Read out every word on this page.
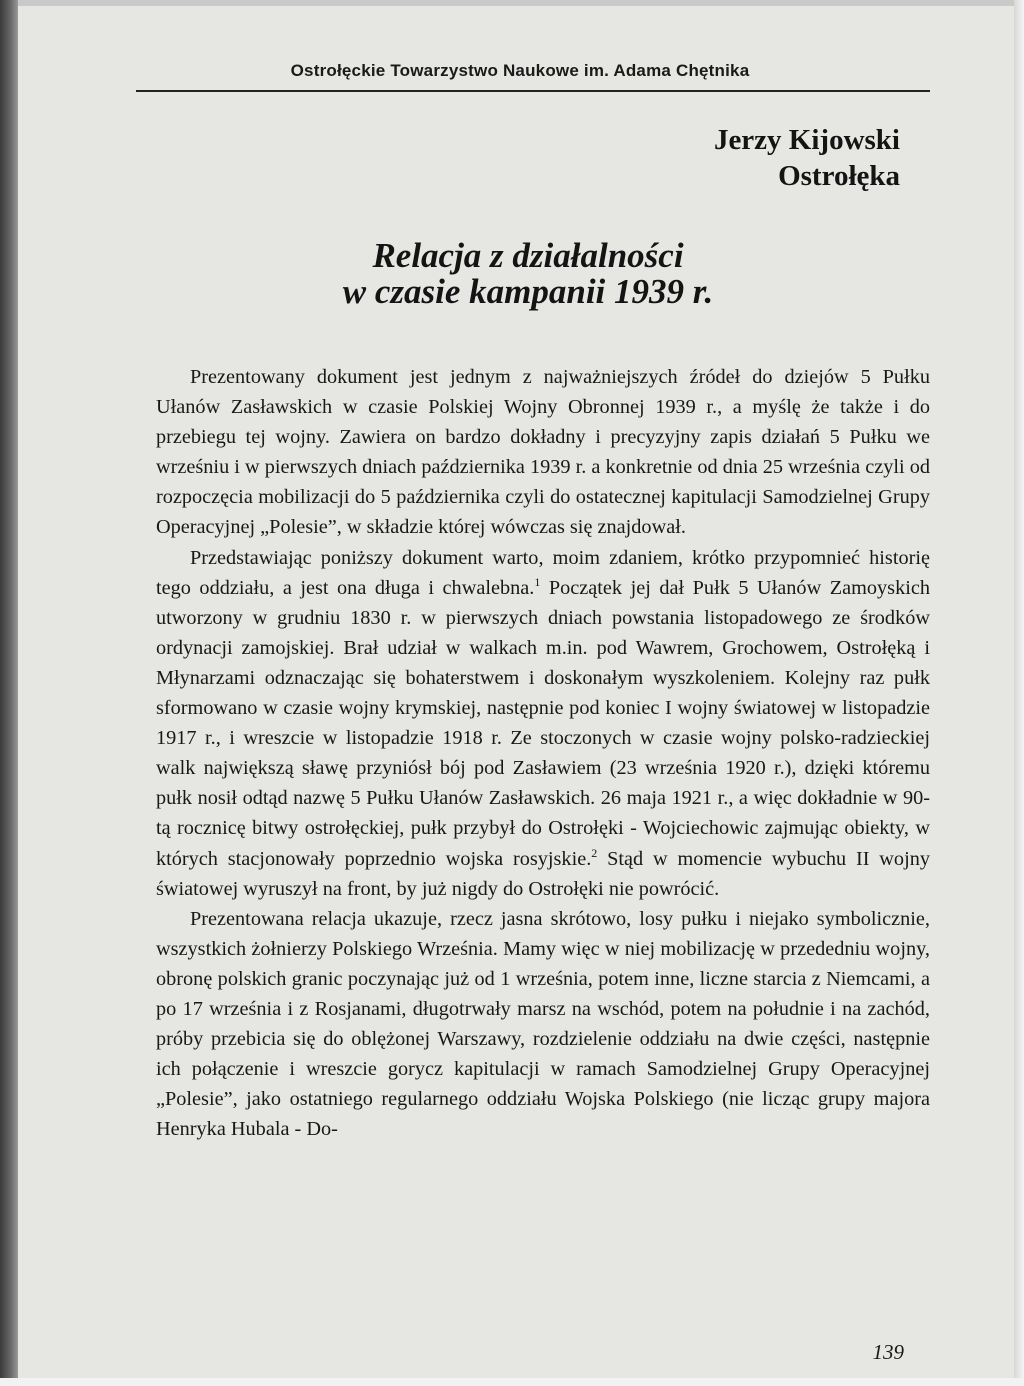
Ostrołęckie Towarzystwo Naukowe im. Adama Chętnika
Jerzy Kijowski
Ostrołęka
Relacja z działalności
w czasie kampanii 1939 r.

Prezentowany dokument jest jednym z najważniejszych źródeł do dziejów 5 Pułku Ułanów Zasławskich w czasie Polskiej Wojny Obronnej 1939 r., a myślę że także i do przebiegu tej wojny. Zawiera on bardzo dokładny i precyzyjny zapis działań 5 Pułku we wrześniu i w pierwszych dniach października 1939 r. a konkretnie od dnia 25 września czyli od rozpoczęcia mobilizacji do 5 października czyli do ostatecznej kapitulacji Samodzielnej Grupy Operacyjnej „Polesie”, w składzie której wówczas się znajdował.

Przedstawiając poniższy dokument warto, moim zdaniem, krótko przypomnieć historię tego oddziału, a jest ona długa i chwalebna.$^1$ Początek jej dał Pułk 5 Ułanów Zamoyskich utworzony w grudniu 1830 r. w pierwszych dniach powstania listopadowego ze środków ordynacji zamojskiej. Brał udział w walkach m.in. pod Wawrem, Grochowem, Ostrołęką i Młynarzami odznaczając się bohaterstwem i doskonałym wyszkoleniem. Kolejny raz pułk sformowano w czasie wojny krymskiej, następnie pod koniec I wojny światowej w listopadzie 1917 r., i wreszcie w listopadzie 1918 r. Ze stoczonych w czasie wojny polsko-radzieckiej walk największą sławę przyniósł bój pod Zasławiem (23 września 1920 r.), dzięki któremu pułk nosił odtąd nazwę 5 Pułku Ułanów Zasławskich. 26 maja 1921 r., a więc dokładnie w 90-tą rocznicę bitwy ostrołęckiej, pułk przybył do Ostrołęki - Wojciechowic zajmując obiekty, w których stacjonowały poprzednio wojska rosyjskie.$^2$ Stąd w momencie wybuchu II wojny światowej wyruszył na front, by już nigdy do Ostrołęki nie powrócić.

Prezentowana relacja ukazuje, rzecz jasna skrótowo, losy pułku i niejako symbolicznie, wszystkich żołnierzy Polskiego Września. Mamy więc w niej mobilizację w przededniu wojny, obronę polskich granic poczynając już od 1 września, potem inne, liczne starcia z Niemcami, a po 17 września i z Rosjanami, długotrwały marsz na wschód, potem na południe i na zachód, próby przebicia się do oblężonej Warszawy, rozdzielenie oddziału na dwie części, następnie ich połączenie i wreszcie gorycz kapitulacji w ramach Samodzielnej Grupy Operacyjnej „Polesie”, jako ostatniego regularnego oddziału Wojska Polskiego (nie licząc grupy majora Henryka Hubala - Do-

139
